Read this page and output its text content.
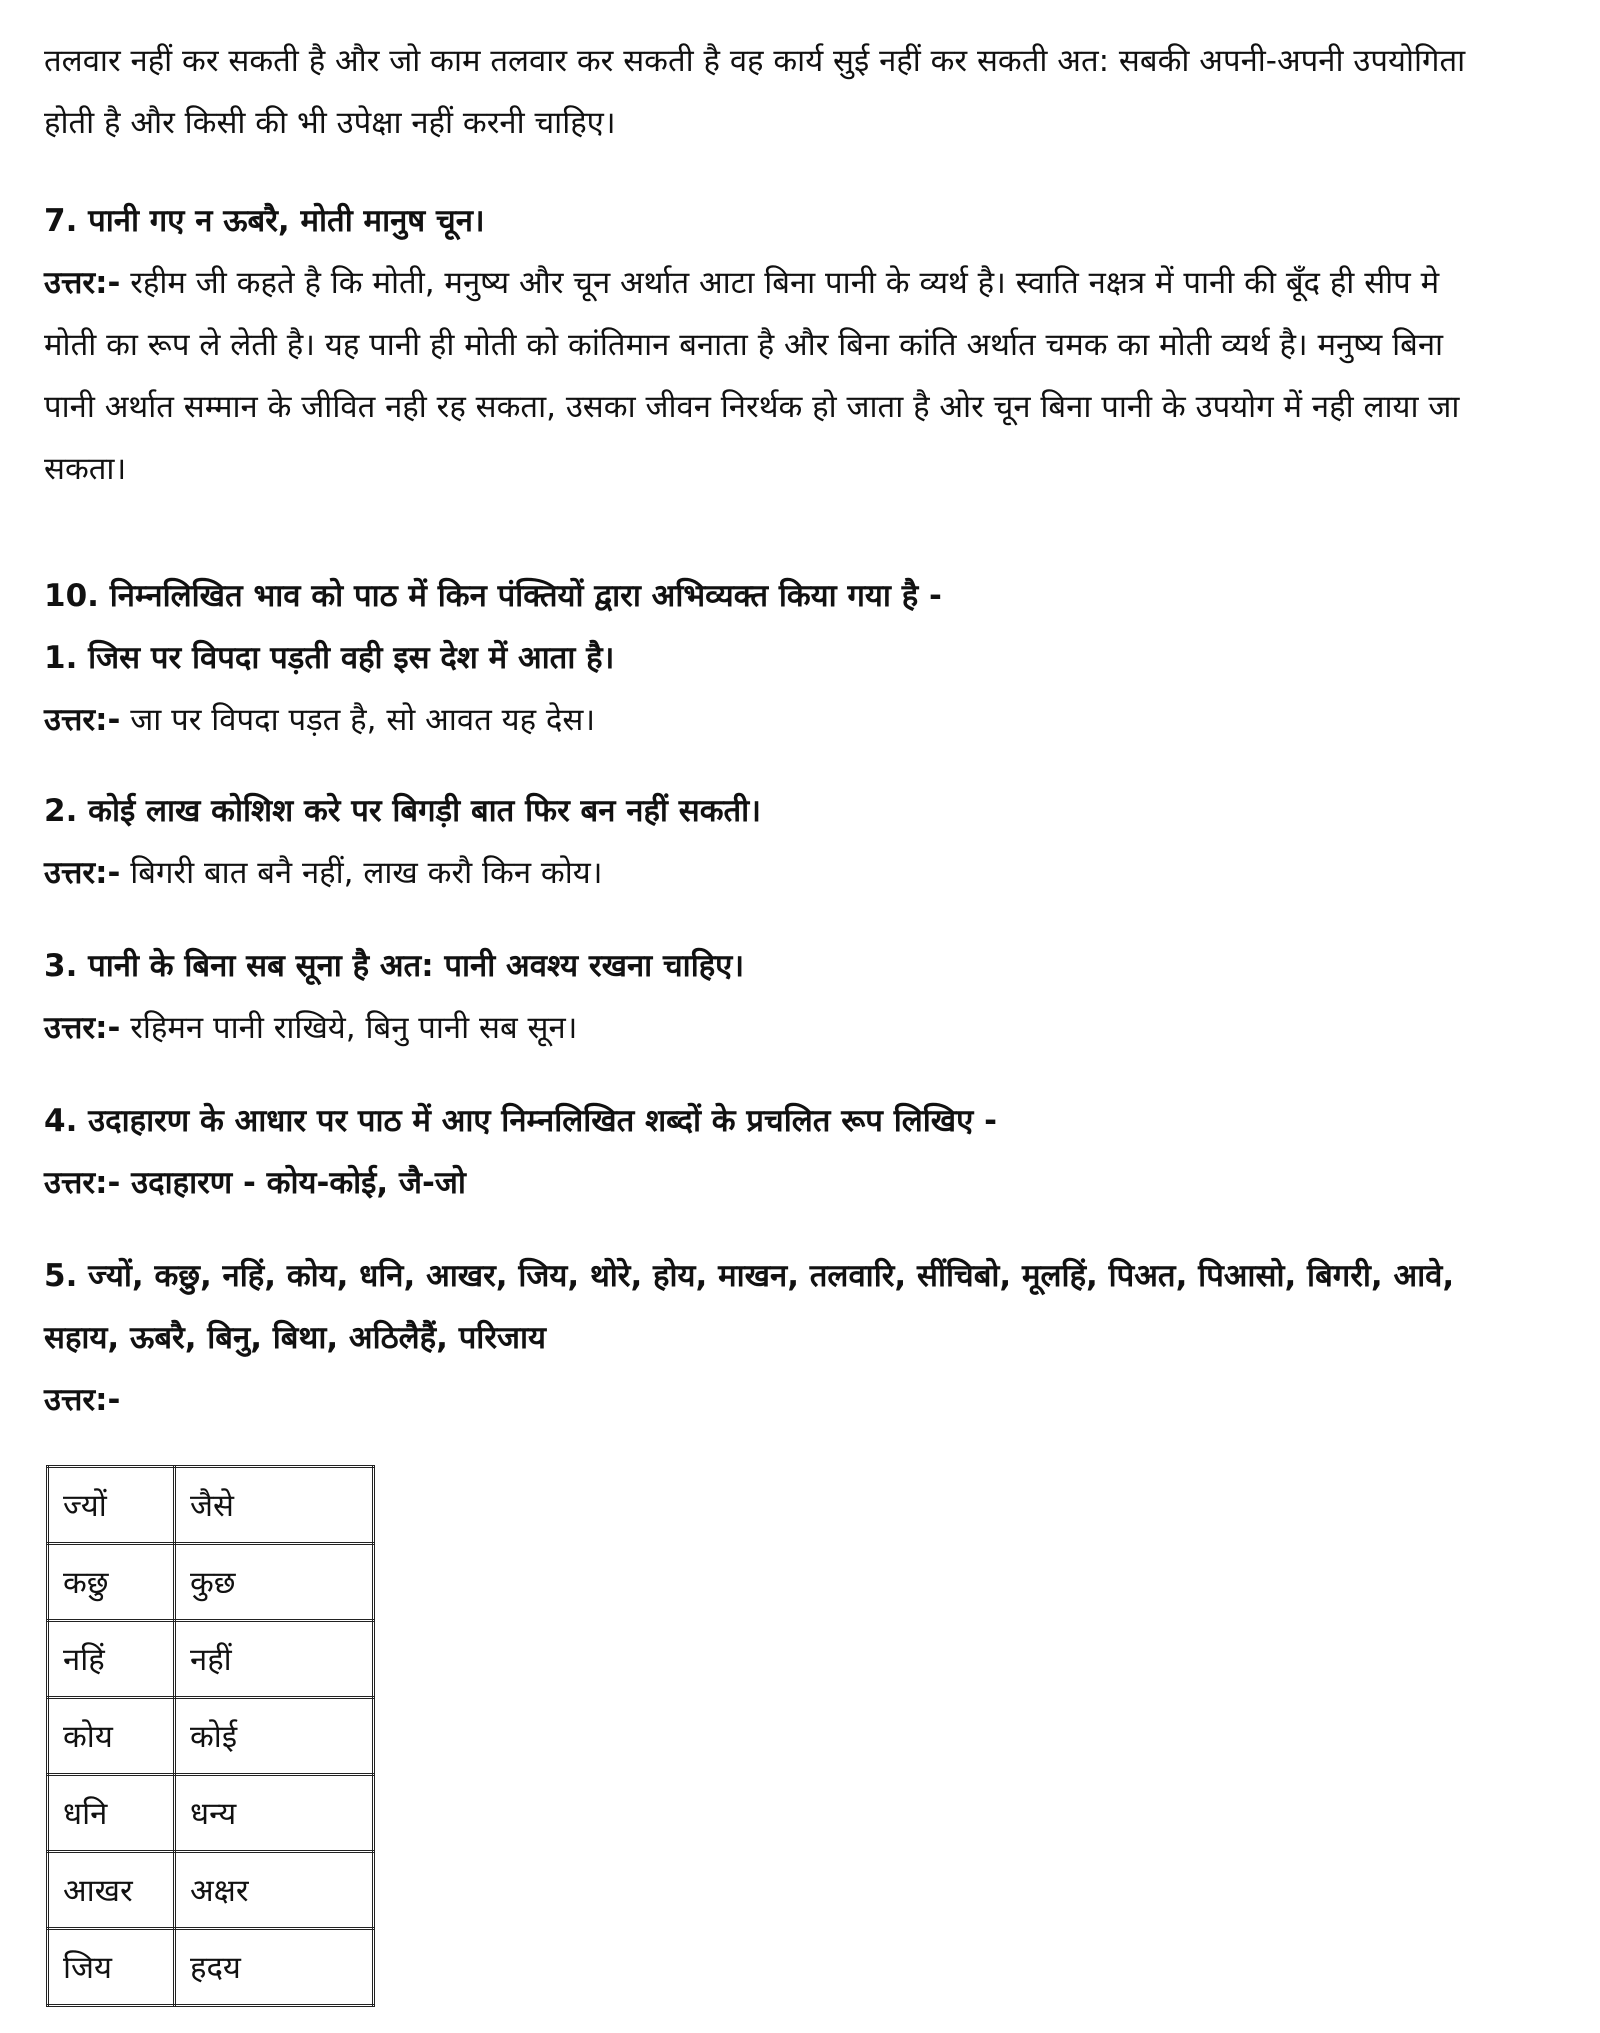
तलवार नहीं कर सकती है और जो काम तलवार कर सकती है वह कार्य सुई नहीं कर सकती अत: सबकी अपनी-अपनी उपयोगिता

होती है और किसी की भी उपेक्षा नहीं करनी चाहिए।

7. पानी गए न ऊबरै, मोती मानुष चून।

उत्तर:- रहीम जी कहते है कि मोती, मनुष्य और चून अर्थात आटा बिना पानी के व्यर्थ है। स्वाति नक्षत्र में पानी की बूँद ही सीप मे

मोती का रूप ले लेती है। यह पानी ही मोती को कांतिमान बनाता है और बिना कांति अर्थात चमक का मोती व्यर्थ है। मनुष्य बिना

पानी अर्थात सम्मान के जीवित नही रह सकता, उसका जीवन निरर्थक हो जाता है ओर चून बिना पानी के उपयोग में नही लाया जा

सकता।

10. निम्नलिखित भाव को पाठ में किन पंक्तियों द्वारा अभिव्यक्त किया गया है -

1. जिस पर विपदा पड़ती वही इस देश में आता है।

उत्तर:- जा पर विपदा पड़त है, सो आवत यह देस।

2. कोई लाख कोशिश करे पर बिगड़ी बात फिर बन नहीं सकती।

उत्तर:- बिगरी बात बनै नहीं, लाख करौ किन कोय।

3. पानी के बिना सब सूना है अत: पानी अवश्य रखना चाहिए।

उत्तर:- रहिमन पानी राखिये, बिनु पानी सब सून।

4. उदाहारण के आधार पर पाठ में आए निम्नलिखित शब्दों के प्रचलित रूप लिखिए -

उत्तर:- उदाहारण - कोय-कोई, जै-जो

5. ज्यों, कछु, नहिं, कोय, धनि, आखर, जिय, थोरे, होय, माखन, तलवारि, सींचिबो, मूलहिं, पिअत, पिआसो, बिगरी, आवे,

सहाय, ऊबरै, बिनु, बिथा, अठिलैहैं, परिजाय

उत्तर:-

ज्यों	जैसे
कछु	कुछ
नहिं	नहीं
कोय	कोई
धनि	धन्य
आखर	अक्षर
जिय	हदय
